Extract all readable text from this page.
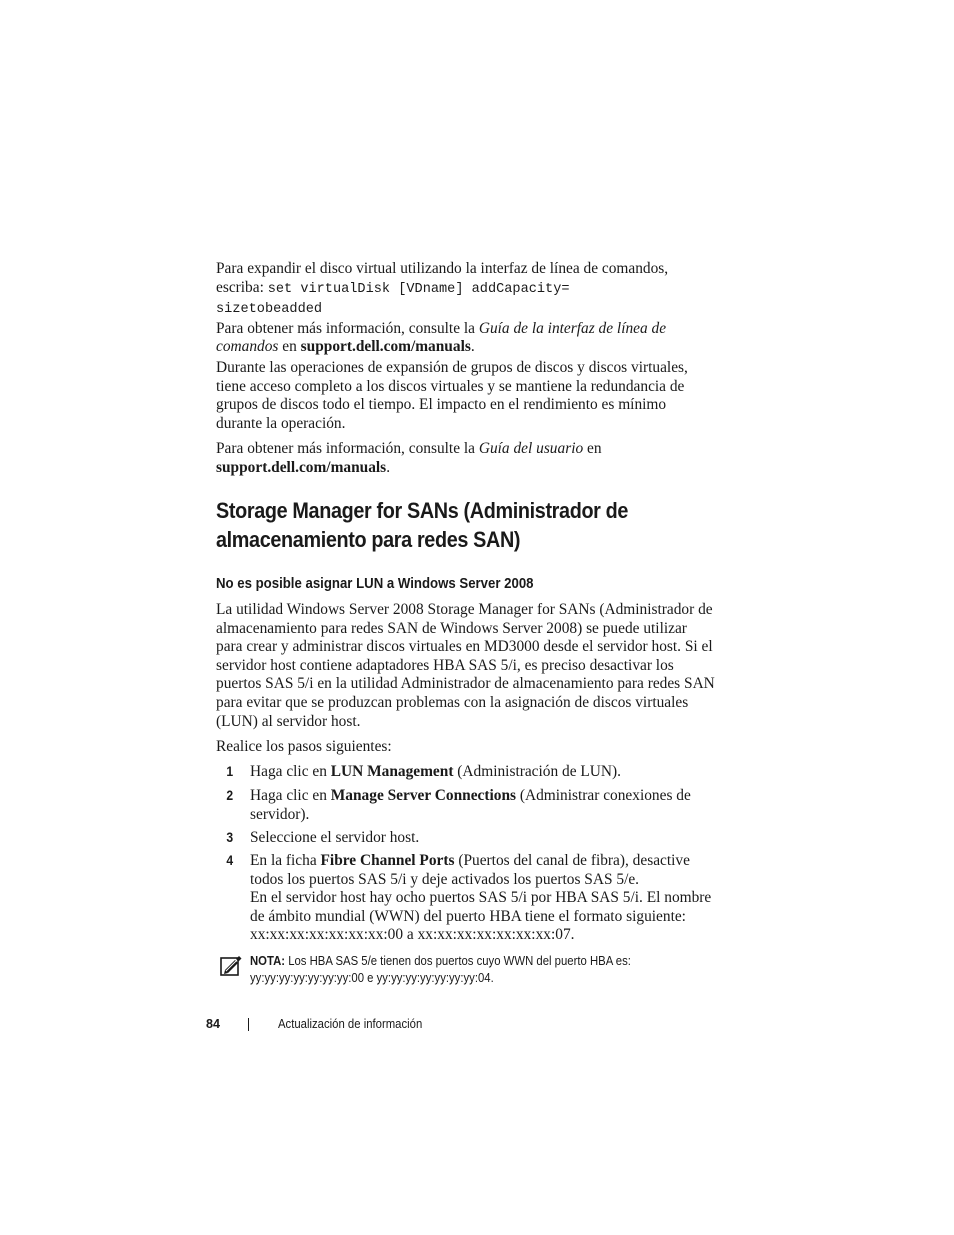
Para expandir el disco virtual utilizando la interfaz de línea de comandos,
escriba: set virtualDisk [VDname] addCapacity=
sizetobeadded
Para obtener más información, consulte la Guía de la interfaz de línea de comandos en support.dell.com/manuals.

Durante las operaciones de expansión de grupos de discos y discos virtuales, tiene acceso completo a los discos virtuales y se mantiene la redundancia de grupos de discos todo el tiempo. El impacto en el rendimiento es mínimo durante la operación.

Para obtener más información, consulte la Guía del usuario en
support.dell.com/manuals.

Storage Manager for SANs (Administrador de almacenamiento para redes SAN)
No es posible asignar LUN a Windows Server 2008

La utilidad Windows Server 2008 Storage Manager for SANs (Administrador de almacenamiento para redes SAN de Windows Server 2008) se puede utilizar para crear y administrar discos virtuales en MD3000 desde el servidor host. Si el servidor host contiene adaptadores HBA SAS 5/i, es preciso desactivar los puertos SAS 5/i en la utilidad Administrador de almacenamiento para redes SAN para evitar que se produzcan problemas con la asignación de discos virtuales (LUN) al servidor host.

Realice los pasos siguientes:

1 Haga clic en LUN Management (Administración de LUN).
2 Haga clic en Manage Server Connections (Administrar conexiones de servidor).
3 Seleccione el servidor host.
4 En la ficha Fibre Channel Ports (Puertos del canal de fibra), desactive todos los puertos SAS 5/i y deje activados los puertos SAS 5/e.
En el servidor host hay ocho puertos SAS 5/i por HBA SAS 5/i. El nombre de ámbito mundial (WWN) del puerto HBA tiene el formato siguiente: xx:xx:xx:xx:xx:xx:xx:00 a xx:xx:xx:xx:xx:xx:xx:07.
NOTA: Los HBA SAS 5/e tienen dos puertos cuyo WWN del puerto HBA es: yy:yy:yy:yy:yy:yy:yy:00 e yy:yy:yy:yy:yy:yy:yy:04.
84	Actualización de información
